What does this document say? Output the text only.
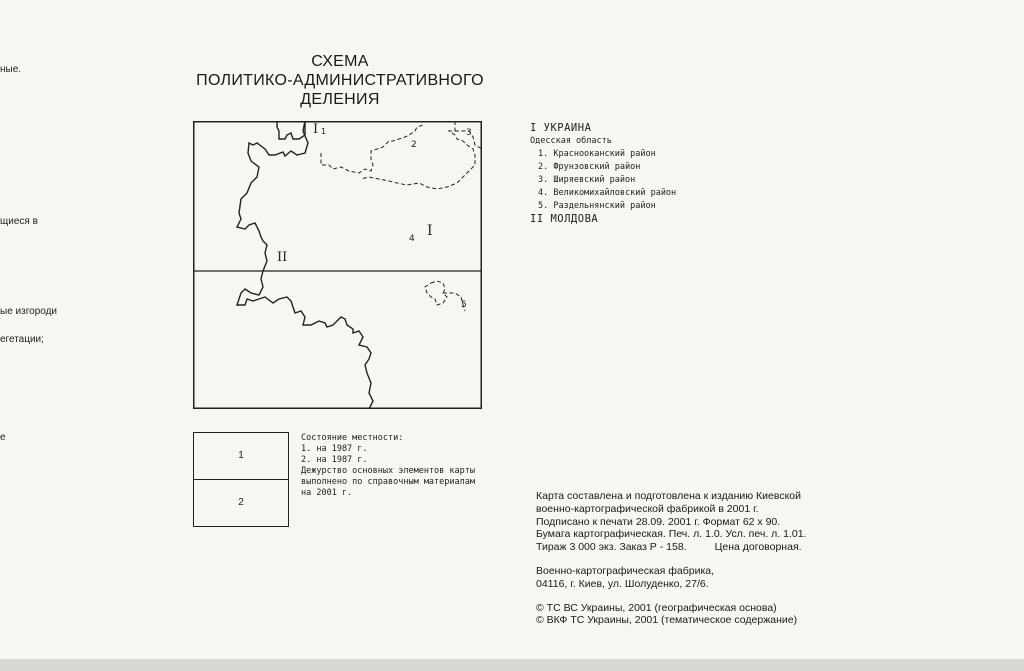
ные.
щиеся в
ые изгороди
егетации;
е
СХЕМА
ПОЛИТИКО-АДМИНИСТРАТИВНОГО
ДЕЛЕНИЯ
I 1
2
3
4 I
II
5
I УКРАИНА
Одесская область
1. Краснооканский район
2. Фрунзовский район
3. Ширяевский район
4. Великомихайловский район
5. Раздельнянский район
II МОЛДОВА
1
2
Состояние местности:
1. на 1987 г.
2. на 1987 г.
Дежурство основных элементов карты
выполнено по справочным материалам
на 2001 г.	Карта составлена и подготовлена к изданию Киевской
военно-картографической фабрикой в 2001 г.
Подписано к печати 28.09. 2001 г. Формат 62 х 90.
Бумага картографическая. Печ. л. 1.0. Усл. печ. л. 1.01.
Тираж 3 000 экз. Заказ Р - 158.	Цена договорная.
Военно-картографическая фабрика,
04116, г. Киев, ул. Шолуденко, 27/6.
© ТС ВС Украины, 2001 (географическая основа)
© ВКФ ТС Украины, 2001 (тематическое содержание)
